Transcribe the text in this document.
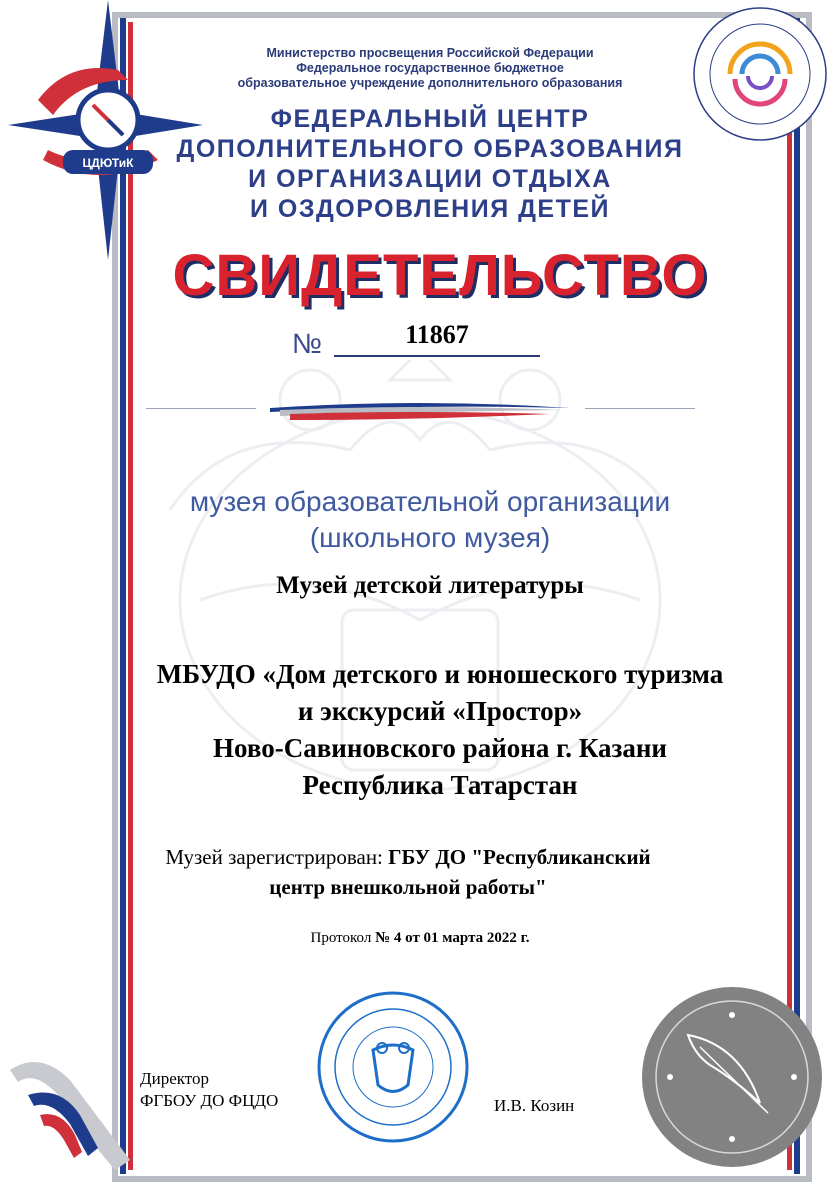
ЦДЮТиК
Министерство просвещения Российской Федерации
Федеральное государственное бюджетное
образовательное учреждение дополнительного образования
ФЕДЕРАЛЬНЫЙ ЦЕНТР
ДОПОЛНИТЕЛЬНОГО ОБРАЗОВАНИЯ
И ОРГАНИЗАЦИИ ОТДЫХА
И ОЗДОРОВЛЕНИЯ ДЕТЕЙ
СВИДЕТЕЛЬСТВО
№	11867
музея образовательной организации
(школьного музея)
Музей детской литературы
МБУДО «Дом детского и юношеского туризма
и экскурсий «Простор»
Ново-Савиновского района г. Казани
Республика Татарстан
Музей зарегистрирован: ГБУ ДО "Республиканский
центр внешкольной работы"
Протокол № 4 от 01 марта 2022 г.
Директор
ФГБОУ ДО ФЦДО	И.В. Козин
